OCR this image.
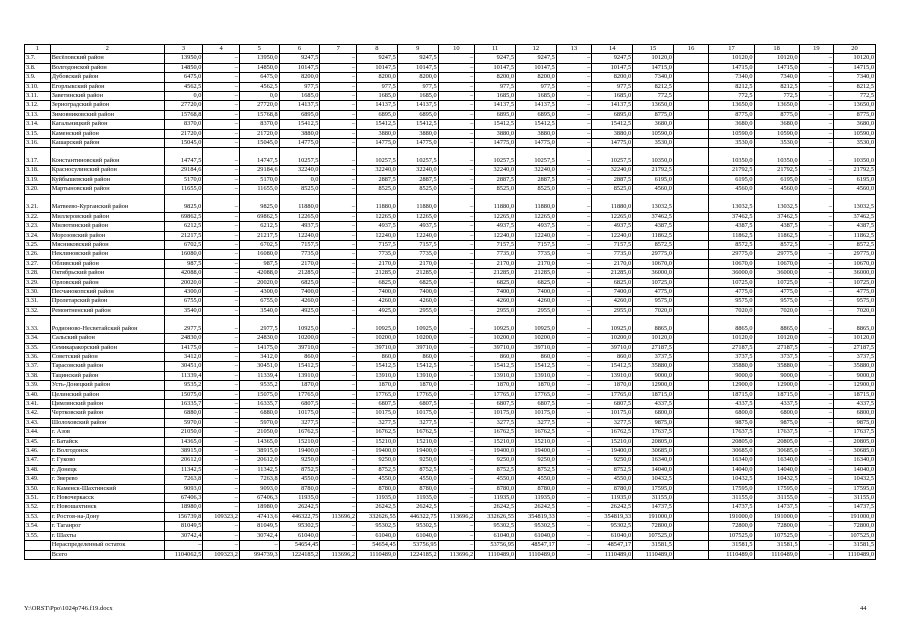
1	2	3	4	5	6	7	8	9	10	11	12	13	14	15	16	17	18	19	20
3.7.	Весёловский район	13950,0	–	13950,0	9247,5	–	9247,5	9247,5	–	9247,5	9247,5	–	9247,5	10120,0		10120,0	10120,0	–	10120,0
3.8.	Волгодонской район	14850,0	–	14850,0	10147,5	–	10147,5	10147,5	–	10147,5	10147,5	–	10147,5	14715,0		14715,0	14715,0	–	14715,0
3.9.	Дубовский район	6475,0	–	6475,0	8200,0	–	8200,0	8200,0	–	8200,0	8200,0	–	8200,0	7340,0		7340,0	7340,0	–	7340,0
3.10.	Егорлыкский район	4562,5	–	4562,5	977,5	–	977,5	977,5	–	977,5	977,5	–	977,5	8212,5		8212,5	8212,5	–	8212,5
3.11.	Заветинский район	0,0	–	0,0	1685,0	–	1685,0	1685,0	–	1685,0	1685,0	–	1685,0	772,5		772,5	772,5	–	772,5
3.12.	Зерноградский район	27720,0	–	27720,0	14137,5	–	14137,5	14137,5	–	14137,5	14137,5	–	14137,5	13650,0		13650,0	13650,0	–	13650,0
3.13.	Зимовниковский район	15768,8	–	15768,8	6895,0	–	6895,0	6895,0	–	6895,0	6895,0	–	6895,0	8775,0		8775,0	8775,0	–	8775,0
3.14.	Кагальницкий район	8370,0	–	8370,0	15412,5	–	15412,5	15412,5	–	15412,5	15412,5	–	15412,5	3680,0		3680,0	3680,0	–	3680,0
3.15.	Каменский район	21720,0	–	21720,0	3880,0	–	3880,0	3880,0	–	3880,0	3880,0	–	3880,0	10590,0		10590,0	10590,0	–	10590,0
3.16.	Кашарский район	15045,0	–	15045,0	14775,0	–	14775,0	14775,0	–	14775,0	14775,0	–	14775,0	3530,0		3530,0	3530,0	–	3530,0
3.17.	Константиновский район	14747,5	–	14747,5	10257,5	–	10257,5	10257,5	–	10257,5	10257,5	–	10257,5	10350,0		10350,0	10350,0	–	10350,0
3.18.	Красносулинский район	29184,6	–	29184,6	32240,0	–	32240,0	32240,0	–	32240,0	32240,0	–	32240,0	21792,5		21792,5	21792,5	–	21792,5
3.19.	Куйбышевский район	5170,0	–	5170,0	0,0	–	2887,5	2887,5	–	2887,5	2887,5	–	2887,5	6195,0		6195,0	6195,0	–	6195,0
3.20.	Мартыновский район	11655,0	–	11655,0	8525,0	–	8525,0	8525,0	–	8525,0	8525,0	–	8525,0	4560,0		4560,0	4560,0	–	4560,0
3.21.	Матвеево-Курганский район	9825,0	–	9825,0	11880,0	–	11880,0	11880,0	–	11880,0	11880,0	–	11880,0	13032,5		13032,5	13032,5	–	13032,5
3.22.	Миллеровский район	69862,5	–	69862,5	12265,0	–	12265,0	12265,0	–	12265,0	12265,0	–	12265,0	37462,5		37462,5	37462,5	–	37462,5
3.23.	Милютинский район	6212,5	–	6212,5	4937,5	–	4937,5	4937,5	–	4937,5	4937,5	–	4937,5	4387,5		4387,5	4387,5	–	4387,5
3.24.	Морозовский район	21217,5	–	21217,5	12240,0	–	12240,0	12240,0	–	12240,0	12240,0	–	12240,0	11862,5		11862,5	11862,5	–	11862,5
3.25.	Мясниковский район	6702,5	–	6702,5	7157,5	–	7157,5	7157,5	–	7157,5	7157,5	–	7157,5	8572,5		8572,5	8572,5	–	8572,5
3.26.	Неклиновский район	16080,0	–	16080,0	7735,0	–	7735,0	7735,0	–	7735,0	7735,0	–	7735,0	29775,0		29775,0	29775,0	–	29775,0
3.27.	Обливский район	987,5	–	987,5	2170,0	–	2170,0	2170,0	–	2170,0	2170,0	–	2170,0	10670,0		10670,0	10670,0	–	10670,0
3.28.	Октябрьский район	42088,0	–	42088,0	21285,0	–	21285,0	21285,0	–	21285,0	21285,0	–	21285,0	36000,0		36000,0	36000,0	–	36000,0
3.29.	Орловский район	20020,0	–	20020,0	6825,0	–	6825,0	6825,0	–	6825,0	6825,0	–	6825,0	10725,0		10725,0	10725,0	–	10725,0
3.30.	Песчанокопский район	4300,0	–	4300,0	7400,0	–	7400,0	7400,0	–	7400,0	7400,0	–	7400,0	4775,0		4775,0	4775,0	–	4775,0
3.31.	Пролетарский район	6755,0	–	6755,0	4260,0	–	4260,0	4260,0	–	4260,0	4260,0	–	4260,0	9575,0		9575,0	9575,0	–	9575,0
3.32.	Ремонтненский район	3540,0	–	3540,0	4925,0	–	4925,0	2955,0	–	2955,0	2955,0	–	2955,0	7020,0		7020,0	7020,0	–	7020,0
3.33.	Родионово-Несветайский район	2977,5	–	2977,5	10925,0	–	10925,0	10925,0	–	10925,0	10925,0	–	10925,0	8865,0		8865,0	8865,0	–	8865,0
3.34.	Сальский район	24830,0	–	24830,0	10200,0	–	10200,0	10200,0	–	10200,0	10200,0	–	10200,0	10120,0		10120,0	10120,0	–	10120,0
3.35.	Семикаракорский район	14175,0	–	14175,0	39710,0	–	39710,0	39710,0	–	39710,0	39710,0	–	39710,0	27187,5		27187,5	27187,5	–	27187,5
3.36.	Советский район	3412,0	–	3412,0	860,0	–	860,0	860,0	–	860,0	860,0	–	860,0	3737,5		3737,5	3737,5	–	3737,5
3.37.	Тарасовский район	30451,0	–	30451,0	15412,5	–	15412,5	15412,5	–	15412,5	15412,5	–	15412,5	35880,0		35880,0	35880,0	–	35880,0
3.38.	Тацинский район	11339,4	–	11339,4	13910,0	–	13910,0	13910,0	–	13910,0	13910,0	–	13910,0	9000,0		9000,0	9000,0	–	9000,0
3.39.	Усть-Донецкий район	9535,2	–	9535,2	1870,0	–	1870,0	1870,0	–	1870,0	1870,0	–	1870,0	12900,0		12900,0	12900,0	–	12900,0
3.40.	Целинский район	15075,0	–	15075,0	17765,0	–	17765,0	17765,0	–	17765,0	17765,0	–	17765,0	18715,0		18715,0	18715,0	–	18715,0
3.41.	Цимлянский район	16335,7	–	16335,7	6807,5	–	6807,5	6807,5	–	6807,5	6807,5	–	6807,5	4337,5		4337,5	4337,5	–	4337,5
3.42.	Чертковский район	6880,0	–	6880,0	10175,0	–	10175,0	10175,0	–	10175,0	10175,0	–	10175,0	6800,0		6800,0	6800,0	–	6800,0
3.43.	Шолоховский район	5970,0	–	5970,0	3277,5	–	3277,5	3277,5	–	3277,5	3277,5	–	3277,5	9875,0		9875,0	9875,0	–	9875,0
3.44.	г. Азов	21050,0	–	21050,0	16762,5	–	16762,5	16762,5	–	16762,5	16762,5	–	16762,5	17637,5		17637,5	17637,5	–	17637,5
3.45.	г. Батайск	14365,0	–	14365,0	15210,0	–	15210,0	15210,0	–	15210,0	15210,0	–	15210,0	20805,0		20805,0	20805,0	–	20805,0
3.46.	г. Волгодонск	38915,0	–	38915,0	19400,0	–	19400,0	19400,0	–	19400,0	19400,0	–	19400,0	30685,0		30685,0	30685,0	–	30685,0
3.47.	г. Гуково	20612,0	–	20612,0	9250,0	–	9250,0	9250,0	–	9250,0	9250,0	–	9250,0	16340,0		16340,0	16340,0	–	16340,0
3.48.	г. Донецк	11342,5	–	11342,5	8752,5	–	8752,5	8752,5	–	8752,5	8752,5	–	8752,5	14040,0		14040,0	14040,0	–	14040,0
3.49.	г. Зверево	7263,8	–	7263,8	4550,0	–	4550,0	4550,0	–	4550,0	4550,0	–	4550,0	10432,5		10432,5	10432,5	–	10432,5
3.50.	г. Каменск-Шахтинский	9093,0	–	9093,0	8780,0	–	8780,0	8780,0	–	8780,0	8780,0	–	8780,0	17595,0		17595,0	17595,0	–	17595,0
3.51.	г. Новочеркасск	67406,3	–	67406,3	11935,0	–	11935,0	11935,0	–	11935,0	11935,0	–	11935,0	31155,0		31155,0	31155,0	–	31155,0
3.52.	г. Новошахтинск	18980,0	–	18980,0	26242,5	–	26242,5	26242,5	–	26242,5	26242,5	–	26242,5	14737,5		14737,5	14737,5	–	14737,5
3.53.	г. Ростов-на-Дону	156739,8	109323,2	47413,6	446322,75	113696,2	332626,55	446322,75	113696,2	332626,55	354819,33	–	354819,33	191000,0		191000,0	191000,0	–	191000,0
3.54.	г. Таганрог	81049,5	–	81049,5	95302,5	–	95302,5	95302,5	–	95302,5	95302,5	–	95302,5	72800,0		72800,0	72800,0	–	72800,0
3.55.	г. Шахты	30742,4	–	30742,4	61040,0	–	61040,0	61040,0	–	61040,0	61040,0	–	61040,0	107525,0		107525,0	107525,0	–	107525,0
	Нераспределенный остаток	–	–	–	54654,45	–	54654,45	53756,95	–	53756,95	48547,17	–	48547,17	31581,5		31581,5	31581,5	–	31581,5
	Всего	1104062,5	109323,2	994739,3	1224185,2	113696,2	1110489,0	1224185,2	113696,2	1110489,0	1110489,0	–	1110489,0	1110489,0		1110489,0	1110489,0	–	1110489,0
Y:\ORST\Ppo\1024p746.f19.docx	44
